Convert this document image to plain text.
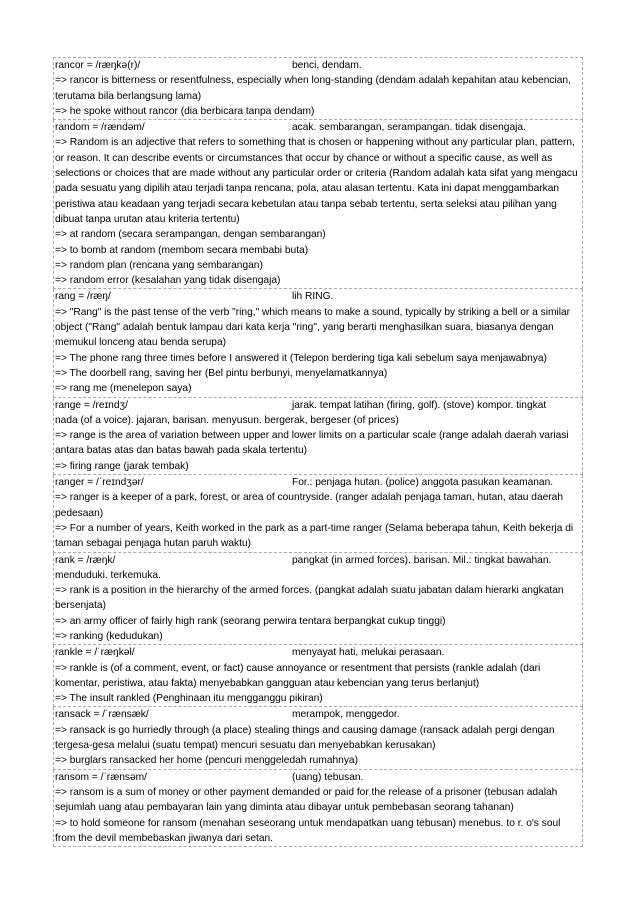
rancor = /ræŋkə(r)/	benci, dendam.
=> rancor is bitterness or resentfulness, especially when long-standing (dendam adalah kepahitan atau kebencian, terutama bila berlangsung lama)
=> he spoke without rancor (dia berbicara tanpa dendam)
random = /rændəm/	acak. sembarangan, serampangan. tidak disengaja.
=> Random is an adjective that refers to something that is chosen or happening without any particular plan, pattern, or reason. It can describe events or circumstances that occur by chance or without a specific cause, as well as selections or choices that are made without any particular order or criteria (Random adalah kata sifat yang mengacu pada sesuatu yang dipilih atau terjadi tanpa rencana, pola, atau alasan tertentu. Kata ini dapat menggambarkan peristiwa atau keadaan yang terjadi secara kebetulan atau tanpa sebab tertentu, serta seleksi atau pilihan yang dibuat tanpa urutan atau kriteria tertentu)
=> at random (secara serampangan, dengan sembarangan)
=> to bomb at random (membom secara membabi buta)
=> random plan (rencana yang sembarangan)
=> random error (kesalahan yang tidak disengaja)
rang = /ræŋ/	lih RING.
=> "Rang" is the past tense of the verb "ring," which means to make a sound, typically by striking a bell or a similar object ("Rang" adalah bentuk lampau dari kata kerja "ring", yang berarti menghasilkan suara, biasanya dengan memukul lonceng atau benda serupa)
=> The phone rang three times before I answered it (Telepon berdering tiga kali sebelum saya menjawabnya)
=> The doorbell rang, saving her (Bel pintu berbunyi, menyelamatkannya)
=> rang me (menelepon saya)
range = /reɪndʒ/	jarak. tempat latihan (firing, golf). (stove) kompor. tingkat
nada (of a voice). jajaran, barisan. menyusun. bergerak, bergeser (of prices)
=> range is the area of variation between upper and lower limits on a particular scale (range adalah daerah variasi antara batas atas dan batas bawah pada skala tertentu)
=> firing range (jarak tembak)
ranger = /ˈreɪndʒər/	For.: penjaga hutan. (police) anggota pasukan keamanan.
=> ranger is a keeper of a park, forest, or area of countryside. (ranger adalah penjaga taman, hutan, atau daerah pedesaan)
=> For a number of years, Keith worked in the park as a part-time ranger (Selama beberapa tahun, Keith bekerja di taman sebagai penjaga hutan paruh waktu)
rank = /ræŋk/	pangkat (in armed forces). barisan. Mil.: tingkat bawahan.
menduduki. terkemuka.
=> rank is a position in the hierarchy of the armed forces. (pangkat adalah suatu jabatan dalam hierarki angkatan bersenjata)
=> an army officer of fairly high rank (seorang perwira tentara berpangkat cukup tinggi)
=> ranking (kedudukan)
rankle = /ˈræŋkəl/	menyayat hati, melukai perasaan.
=> rankle is (of a comment, event, or fact) cause annoyance or resentment that persists (rankle adalah (dari komentar, peristiwa, atau fakta) menyebabkan gangguan atau kebencian yang terus berlanjut)
=> The insult rankled (Penghinaan itu mengganggu pikiran)
ransack = /ˈrænsæk/	merampok, menggedor.
=> ransack is go hurriedly through (a place) stealing things and causing damage (ransack adalah pergi dengan tergesa-gesa melalui (suatu tempat) mencuri sesuatu dan menyebabkan kerusakan)
=> burglars ransacked her home (pencuri menggeledah rumahnya)
ransom = /ˈrænsəm/	(uang) tebusan.
=> ransom is a sum of money or other payment demanded or paid for the release of a prisoner (tebusan adalah sejumlah uang atau pembayaran lain yang diminta atau dibayar untuk pembebasan seorang tahanan)
=> to hold someone for ransom (menahan seseorang untuk mendapatkan uang tebusan) menebus. to r. o's soul from the devil membebaskan jiwanya dari setan.
